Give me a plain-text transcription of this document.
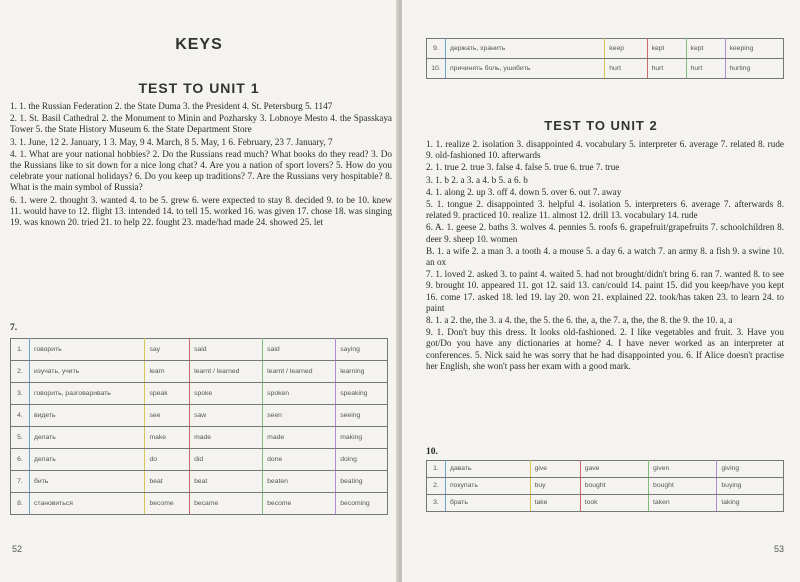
KEYS
TEST TO UNIT 1

1. 1. the Russian Federation 2. the State Duma 3. the President 4. St. Petersburg 5. 1147

2. 1. St. Basil Cathedral 2. the Monument to Minin and Pozharsky 3. Lobnoye Mesto 4. the Spasskaya Tower 5. the State History Museum 6. the State Department Store

3. 1. June, 12 2. January, 1 3. May, 9 4. March, 8 5. May, 1 6. February, 23 7. January, 7

4. 1. What are your national hobbies? 2. Do the Russians read much? What books do they read? 3. Do the Russians like to sit down for a nice long chat? 4. Are you a nation of sport lovers? 5. How do you celebrate your national holidays? 6. Do you keep up traditions? 7. Are the Russians very hospitable? 8. What is the main symbol of Russia?

6. 1. were 2. thought 3. wanted 4. to be 5. grew 6. were expected to stay 8. decided 9. to be 10. knew 11. would have to 12. flight 13. intended 14. to tell 15. worked 16. was given 17. chose 18. was singing 19. was known 20. tried 21. to help 22. fought 23. made/had made 24. showed 25. let

7.
1.	говорить	say	said	said	saying
2.	изучать, учить	learn	learnt / learned	learnt / learned	learning
3.	говорить, разговаривать	speak	spoke	spoken	speaking
4.	видеть	see	saw	seen	seeing
5.	делать	make	made	made	making
6.	делать	do	did	done	doing
7.	бить	beat	beat	beaten	beating
8.	становиться	become	became	become	becoming
52
9.	держать, хранить	keep	kept	kept	keeping
10.	причинять боль, ушибить	hurt	hurt	hurt	hurting
TEST TO UNIT 2

1. 1. realize 2. isolation 3. disappointed 4. vocabulary 5. interpreter 6. average 7. related 8. rude 9. old-fashioned 10. afterwards

2. 1. true 2. true 3. false 4. false 5. true 6. true 7. true

3. 1. b 2. a 3. a 4. b 5. a 6. b

4. 1. along 2. up 3. off 4. down 5. over 6. out 7. away

5. 1. tongue 2. disappointed 3. helpful 4. isolation 5. interpreters 6. average 7. afterwards 8. related 9. practiced 10. realize 11. almost 12. drill 13. vocabulary 14. rude

6. A. 1. geese 2. baths 3. wolves 4. pennies 5. roofs 6. grapefruit/grapefruits 7. schoolchildren 8. deer 9. sheep 10. women

B. 1. a wife 2. a man 3. a tooth 4. a mouse 5. a day 6. a watch 7. an army 8. a fish 9. a swine 10. an ox

7. 1. loved 2. asked 3. to paint 4. waited 5. had not brought/didn't bring 6. ran 7. wanted 8. to see 9. brought 10. appeared 11. got 12. said 13. can/could 14. paint 15. did you keep/have you kept 16. come 17. asked 18. led 19. lay 20. won 21. explained 22. took/has taken 23. to learn 24. to paint

8. 1. a 2. the, the 3. a 4. the, the 5. the 6. the, a, the 7. a, the, the 8. the 9. the 10. a, a

9. 1. Don't buy this dress. It looks old-fashioned. 2. I like vegetables and fruit. 3. Have you got/Do you have any dictionaries at home? 4. I have never worked as an interpreter at conferences. 5. Nick said he was sorry that he had disappointed you. 6. If Alice doesn't practise her English, she won't pass her exam with a good mark.

10.
1.	давать	give	gave	given	giving
2.	покупать	buy	bought	bought	buying
3.	брать	take	took	taken	taking
53
